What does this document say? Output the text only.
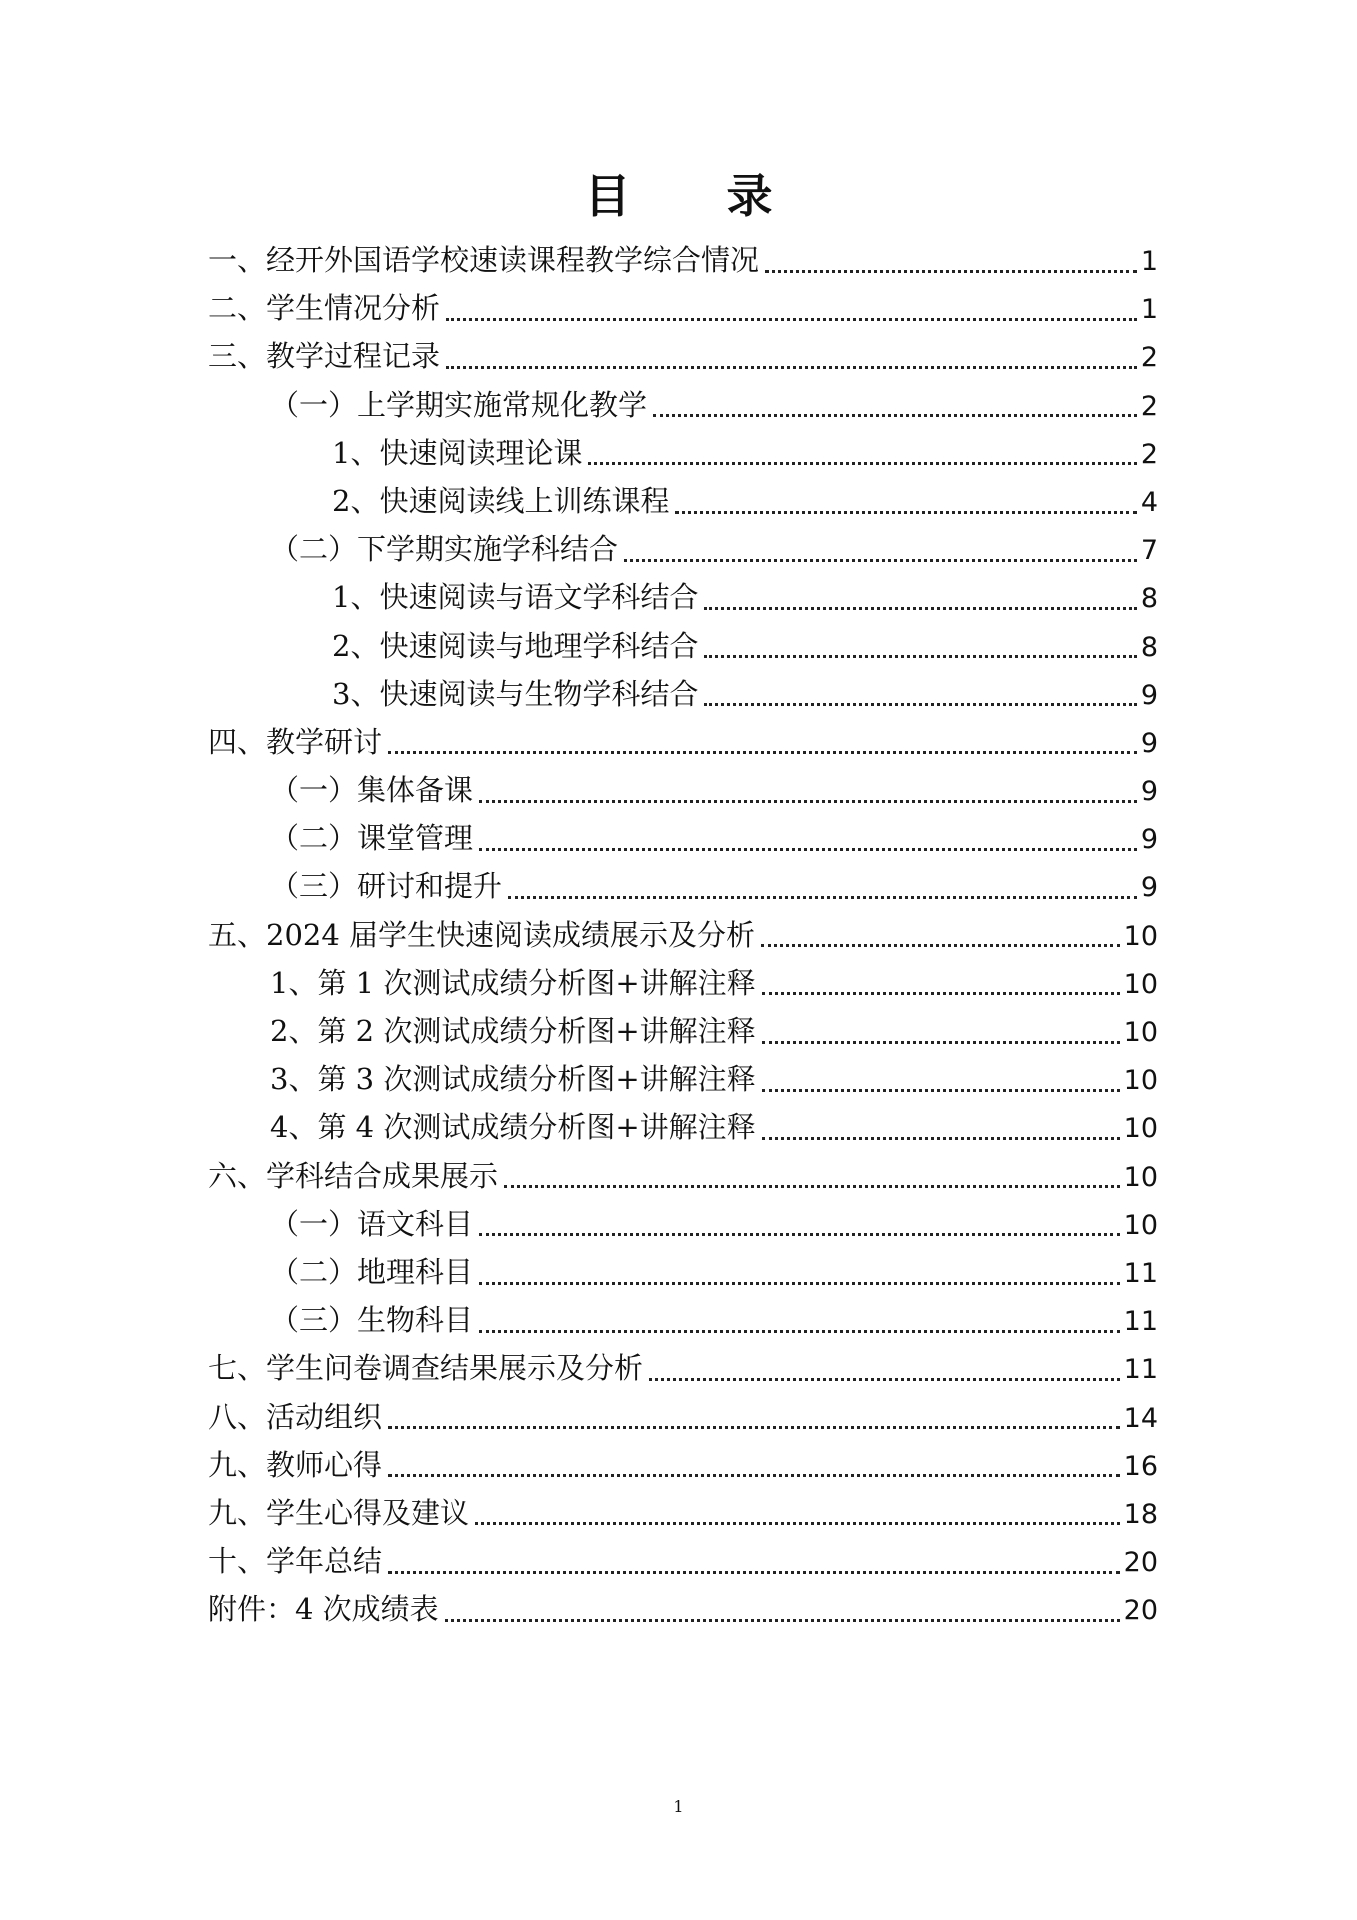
目 录
一、经开外国语学校速读课程教学综合情况	1
二、学生情况分析	1
三、教学过程记录	2
（一）上学期实施常规化教学	2
1、快速阅读理论课	2
2、快速阅读线上训练课程	4
（二）下学期实施学科结合	7
1、快速阅读与语文学科结合	8
2、快速阅读与地理学科结合	8
3、快速阅读与生物学科结合	9
四、教学研讨	9
（一）集体备课	9
（二）课堂管理	9
（三）研讨和提升	9
五、2024 届学生快速阅读成绩展示及分析	10
1、第 1 次测试成绩分析图+讲解注释	10
2、第 2 次测试成绩分析图+讲解注释	10
3、第 3 次测试成绩分析图+讲解注释	10
4、第 4 次测试成绩分析图+讲解注释	10
六、学科结合成果展示	10
（一）语文科目	10
（二）地理科目	11
（三）生物科目	11
七、学生问卷调查结果展示及分析	11
八、活动组织	14
九、教师心得	16
九、学生心得及建议	18
十、学年总结	20
附件：4 次成绩表	20
1
